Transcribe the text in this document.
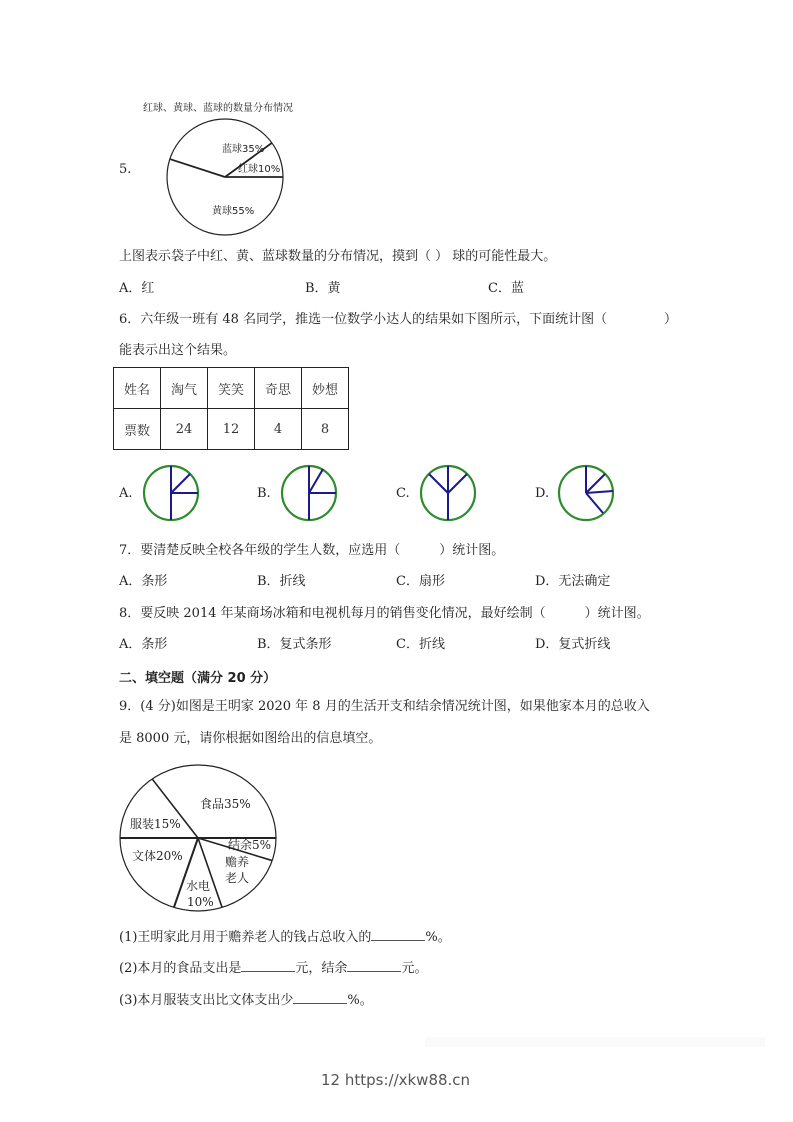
红球、黄球、蓝球的数量分布情况
5.
蓝球35%
红球10%
黄球55%
上图表示袋子中红、黄、蓝球数量的分布情况，摸到（ ） 球的可能性最大。
A．红	B．黄	C．蓝
6．六年级一班有 48 名同学，推选一位数学小达人的结果如下图所示，下面统计图（	）
能表示出这个结果。
姓名	淘气	笑笑	奇思	妙想
票数	24	12	4	8
A.	B.	C.	D.
7．要清楚反映全校各年级的学生人数，应选用（　　　）统计图。
A．条形	B．折线	C．扇形	D．无法确定
8．要反映 2014 年某商场冰箱和电视机每月的销售变化情况，最好绘制（　　　）统计图。
A．条形	B．复式条形	C．折线	D．复式折线
二、填空题（满分 20 分）
9．(4 分)如图是王明家 2020 年 8 月的生活开支和结余情况统计图，如果他家本月的总收入
是 8000 元，请你根据如图给出的信息填空。
食品35%
服装15%
文体20%
水电
10%
赡养
老人
结余5%
(1)王明家此月用于赡养老人的钱占总收入的	%。
(2)本月的食品支出是	元，结余	元。
(3)本月服装支出比文体支出少	%。
12 https://xkw88.cn
